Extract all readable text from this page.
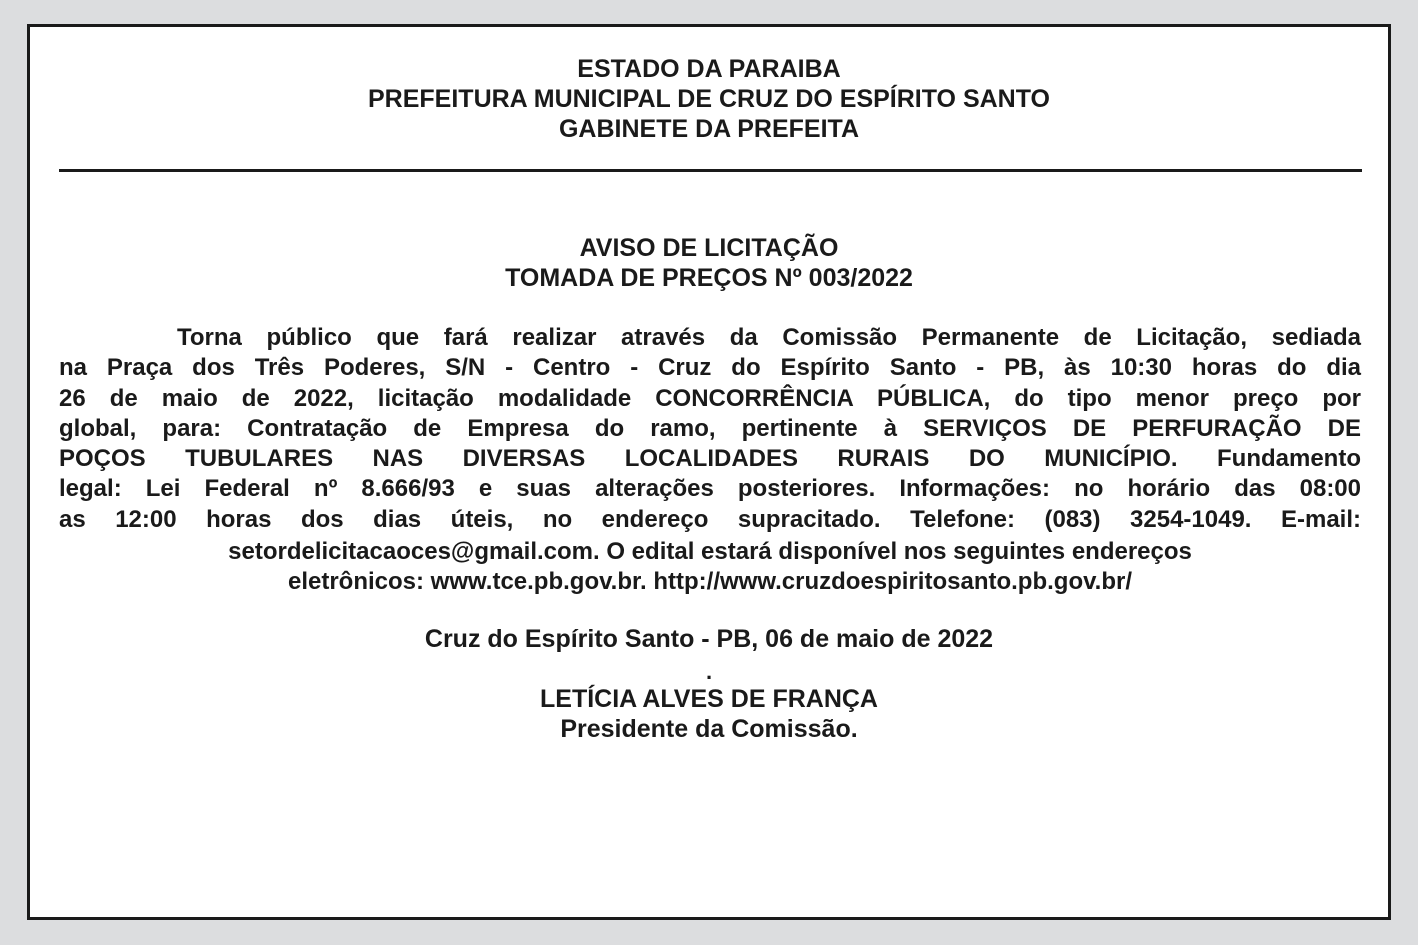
ESTADO DA PARAIBA
PREFEITURA MUNICIPAL DE CRUZ DO ESPÍRITO SANTO
GABINETE DA PREFEITA
AVISO DE LICITAÇÃO
TOMADA DE PREÇOS Nº 003/2022
Torna público que fará realizar através da Comissão Permanente de Licitação, sediada
na Praça dos Três Poderes, S/N - Centro - Cruz do Espírito Santo - PB, às 10:30 horas do dia
26 de maio de 2022, licitação modalidade CONCORRÊNCIA PÚBLICA, do tipo menor preço por
global, para: Contratação de Empresa do ramo, pertinente à SERVIÇOS DE PERFURAÇÃO DE
POÇOS TUBULARES NAS DIVERSAS LOCALIDADES RURAIS DO MUNICÍPIO. Fundamento
legal: Lei Federal nº 8.666/93 e suas alterações posteriores. Informações: no horário das 08:00
as 12:00 horas dos dias úteis, no endereço supracitado. Telefone: (083) 3254-1049. E-mail:
setordelicitacaoces@gmail.com. O edital estará disponível nos seguintes endereços
eletrônicos: www.tce.pb.gov.br. http://www.cruzdoespiritosanto.pb.gov.br/
Cruz do Espírito Santo - PB, 06 de maio de 2022
.
LETÍCIA ALVES DE FRANÇA
Presidente da Comissão.
